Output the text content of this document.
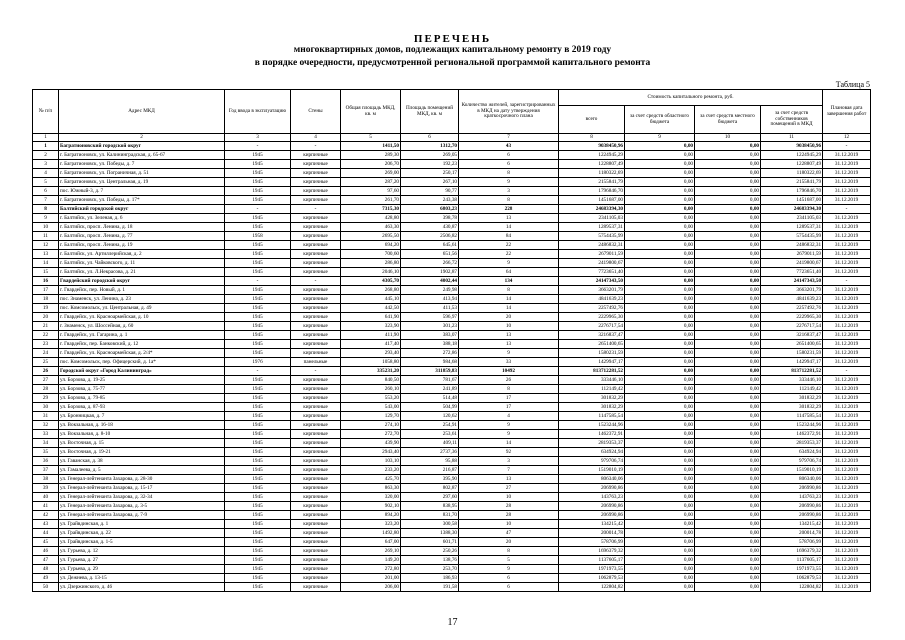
ПЕРЕЧЕНЬ
многоквартирных домов, подлежащих капитальному ремонту в 2019 году
в порядке очередности, предусмотренной региональной программой капитального ремонта
Таблица 5
№ п/п	Адрес МКД	Год ввода в эксплуатацию	Стены	Общая площадь МКД, кв. м	Площадь помещений МКД, кв. м	Количество жителей, зарегистрированных в МКД на дату утверждения краткосрочного плана	Стоимость капитального ремонта, руб.				Плановая дата завершения работ
							всего	за счет средств областного бюджета	за счет средств местного бюджета	за счет средств собственников помещений в МКД	
1	2	3	4	5	6	7	8	9	10	11	12
1	Багратионовский городской округ	-	-	1411,50	1312,70	43	9038450,96	0,00	0,00	9038450,96	-
2	г. Багратионовск, ул. Калининградская, д. 65-67	1945	кирпичные	289,30	269,05	6	1224945,29	0,00	0,00	1224945,29	31.12.2019
3	г. Багратионовск, ул. Победы, д. 7	1945	кирпичные	206,70	192,23	6	1228807,49	0,00	0,00	1228807,49	31.12.2019
4	г. Багратионовск, ул. Пограничная, д. 51	1945	кирпичные	269,00	250,17	8	1180322,69	0,00	0,00	1180322,69	31.12.2019
5	г. Багратионовск, ул. Центральная, д. 19	1945	кирпичные	287,20	267,10	9	2155841,79	0,00	0,00	2155841,79	31.12.2019
6	пос. Южный-3, д. 7	1945	кирпичные	97,60	90,77	3	1796846,70	0,00	0,00	1796846,70	31.12.2019
7	г. Багратионовск, ул. Победы, д. 17*	1945	кирпичные	261,70	243,38	8	1451687,00	0,00	0,00	1451687,00	31.12.2019
8	Балтийский городской округ	-	-	7315,30	6803,23	228	24683394,30	0,00	0,00	24683394,30	-
9	г. Балтийск, ул. Зеленая, д. 6	1945	кирпичные	428,80	398,78	13	2341105,03	0,00	0,00	2341105,03	31.12.2019
10	г. Балтийск, просп. Ленина, д. 18	1945	кирпичные	463,30	430,87	14	1289537,31	0,00	0,00	1289537,31	31.12.2019
11	г. Балтийск, просп. Ленина, д. 77	1958	кирпичные	2695,50	2506,82	84	5754435,99	0,00	0,00	5754435,99	31.12.2019
12	г. Балтийск, просп. Ленина, д. 19	1945	кирпичные	694,20	645,61	22	2486832,31	0,00	0,00	2486832,31	31.12.2019
13	г. Балтийск, ул. Артиллерийская, д. 2	1945	кирпичные	700,60	651,56	22	2679011,59	0,00	0,00	2679011,59	31.12.2019
14	г. Балтийск, ул. Чайковского, д. 11	1945	кирпичные	286,80	266,72	9	2419800,67	0,00	0,00	2419800,67	31.12.2019
15	г. Балтийск, ул. Л.Некрасова, д. 21	1945	кирпичные	2046,10	1902,87	64	7723651,40	0,00	0,00	7723651,40	31.12.2019
16	Гвардейский городской округ	-	-	4305,70	4002,44	134	24147343,50	0,00	0,00	24147343,50	-
17	г. Гвардейск, пер. Новый, д. 1	1945	кирпичные	268,80	249,98	8	3663201,79	0,00	0,00	3663201,79	31.12.2019
18	пос. Знаменск, ул. Ленина, д. 23	1945	кирпичные	445,10	413,94	14	4841639,23	0,00	0,00	4841639,23	31.12.2019
19	пос. Комсомольск, ул. Центральная, д. 49	1945	кирпичные	442,50	411,53	14	2257492,76	0,00	0,00	2257492,76	31.12.2019
20	г. Гвардейск, ул. Красноармейская, д. 10	1945	кирпичные	641,90	596,97	20	2229965,30	0,00	0,00	2229965,30	31.12.2019
21	г. Знаменск, ул. Шоссейная, д. 60	1945	кирпичные	323,90	301,23	10	2276717,54	0,00	0,00	2276717,54	31.12.2019
22	г. Гвардейск, ул. Гагарина, д. 1	1945	кирпичные	411,90	383,07	13	3216837,47	0,00	0,00	3216837,47	31.12.2019
23	г. Гвардейск, пер. Банковский, д. 12	1945	кирпичные	417,40	388,18	13	2651400,65	0,00	0,00	2651400,65	31.12.2019
24	г. Гвардейск, ул. Красноармейская, д. 2/4*	1945	кирпичные	293,40	272,86	9	1580231,59	0,00	0,00	1580231,59	31.12.2019
25	пос. Комсомольск, пер. Офицерский, д. 1а*	1976	панельные	1058,80	984,68	33	1429947,17	0,00	0,00	1429947,17	31.12.2019
26	Городской округ «Город Калининград»	-	-	335231,20	311859,83	10492	813712281,52	0,00	0,00	813712281,52	-
27	ул. Борзова, д. 19-25	1945	кирпичные	840,50	781,67	26	333446,10	0,00	0,00	333446,10	31.12.2019
28	ул. Борзова, д. 75-77	1945	кирпичные	260,10	241,89	8	112149,42	0,00	0,00	112149,42	31.12.2019
29	ул. Борзова, д. 79-85	1945	кирпичные	553,20	514,48	17	301832,29	0,00	0,00	301832,29	31.12.2019
30	ул. Борзова, д. 87-93	1945	кирпичные	543,00	504,99	17	301832,29	0,00	0,00	301832,29	31.12.2019
31	ул. Бронницкая, д. 7	1945	кирпичные	129,70	120,62	4	1147585,54	0,00	0,00	1147585,54	31.12.2019
32	ул. Вокзальная, д. 16-18	1945	кирпичные	274,10	254,91	9	1523244,96	0,00	0,00	1523244,96	31.12.2019
33	ул. Вокзальная, д. 8-10	1945	кирпичные	272,70	253,61	9	1462372,91	0,00	0,00	1462372,91	31.12.2019
34	ул. Восточная, д. 15	1945	кирпичные	439,90	409,11	14	2819353,37	0,00	0,00	2819353,37	31.12.2019
35	ул. Восточная, д. 19-21	1945	кирпичные	2943,40	2737,36	92	634924,94	0,00	0,00	634924,94	31.12.2019
36	ул. Гаванская, д. 38	1945	кирпичные	103,10	95,88	3	979706,74	0,00	0,00	979706,74	31.12.2019
37	ул. Гамалеева, д. 5	1945	кирпичные	233,20	216,87	7	1519010,19	0,00	0,00	1519010,19	31.12.2019
38	ул. Генерал-лейтенанта Захарова, д. 28-30	1945	кирпичные	425,70	395,90	13	806340,06	0,00	0,00	806340,06	31.12.2019
39	ул. Генерал-лейтенанта Захарова, д. 15-17	1945	кирпичные	863,30	802,87	27	206990,86	0,00	0,00	206990,86	31.12.2019
40	ул. Генерал-лейтенанта Захарова, д. 32-34	1945	кирпичные	320,00	297,60	10	143763,23	0,00	0,00	143763,23	31.12.2019
41	ул. Генерал-лейтенанта Захарова, д. 3-5	1945	кирпичные	902,10	838,95	28	206990,86	0,00	0,00	206990,86	31.12.2019
42	ул. Генерал-лейтенанта Захарова, д. 7-9	1945	кирпичные	894,20	831,70	28	206990,86	0,00	0,00	206990,86	31.12.2019
43	ул. Грайвдинская, д. 1	1945	кирпичные	323,20	300,58	10	134215,42	0,00	0,00	134215,42	31.12.2019
44	ул. Грайвдинская, д. 22	1945	кирпичные	1492,80	1388,30	47	200014,78	0,00	0,00	200014,78	31.12.2019
45	ул. Грайвдинская, д. 1-5	1945	кирпичные	647,00	601,71	20	578706,99	0,00	0,00	578706,99	31.12.2019
46	ул. Гурьева, д. 12	1945	кирпичные	269,10	250,26	8	1696379,32	0,00	0,00	1696379,32	31.12.2019
47	ул. Гурьева, д. 27	1945	кирпичные	149,20	138,76	5	1137605,17	0,00	0,00	1137605,17	31.12.2019
48	ул. Гурьева, д. 29	1945	кирпичные	272,80	253,70	9	1971973,55	0,00	0,00	1971973,55	31.12.2019
49	ул. Дежнева, д. 13-15	1945	кирпичные	201,00	186,93	6	1062879,53	0,00	0,00	1062879,53	31.12.2019
50	ул. Дзержинского, д. 46	1945	кирпичные	206,00	191,58	6	122804,82	0,00	0,00	122804,82	31.12.2019
17
